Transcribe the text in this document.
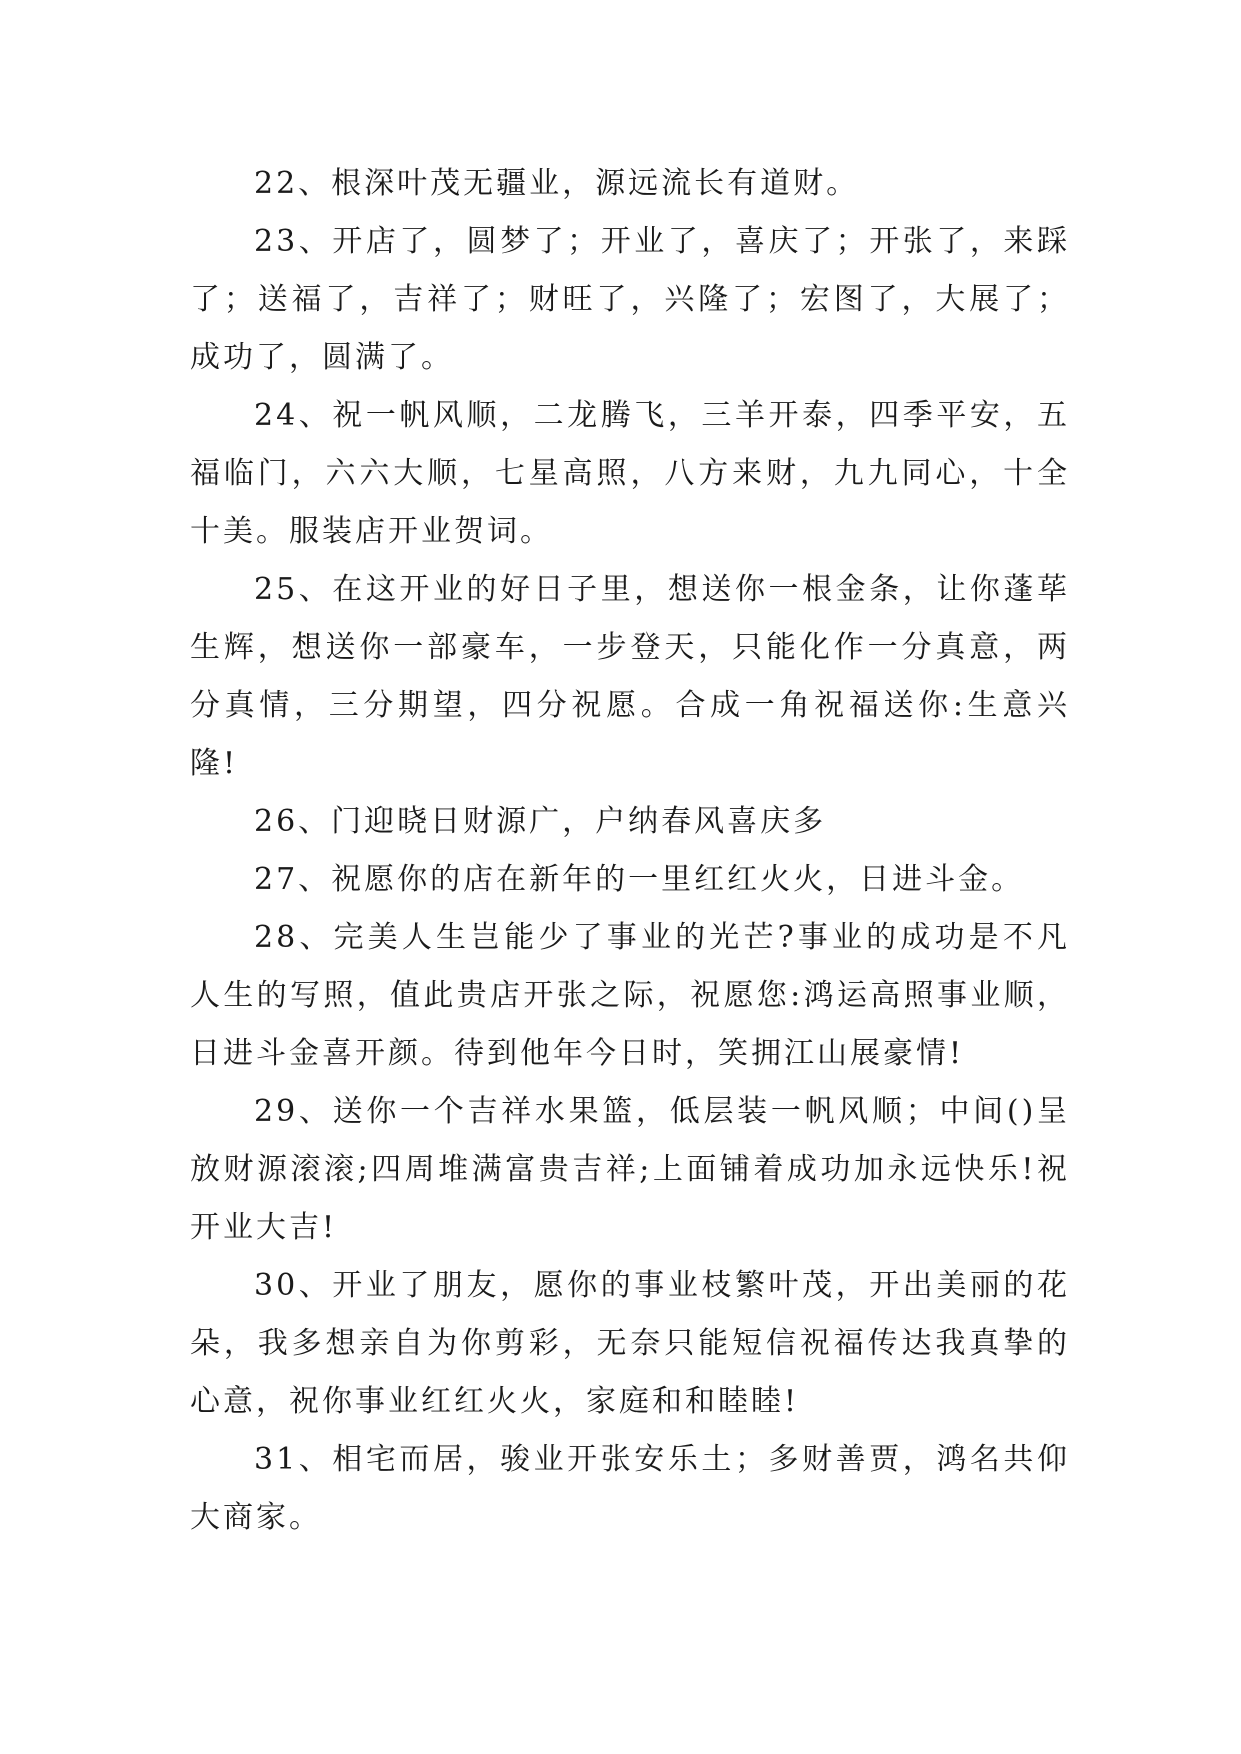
22、根深叶茂无疆业，源远流长有道财。

23、开店了，圆梦了；开业了，喜庆了；开张了，来踩了；送福了，吉祥了；财旺了，兴隆了；宏图了，大展了；成功了，圆满了。

24、祝一帆风顺，二龙腾飞，三羊开泰，四季平安，五福临门，六六大顺，七星高照，八方来财，九九同心，十全十美。服装店开业贺词。

25、在这开业的好日子里，想送你一根金条，让你蓬荜生辉，想送你一部豪车，一步登天，只能化作一分真意，两分真情，三分期望，四分祝愿。合成一角祝福送你:生意兴隆!

26、门迎晓日财源广，户纳春风喜庆多

27、祝愿你的店在新年的一里红红火火，日进斗金。

28、完美人生岂能少了事业的光芒?事业的成功是不凡人生的写照，值此贵店开张之际，祝愿您:鸿运高照事业顺，日进斗金喜开颜。待到他年今日时，笑拥江山展豪情!

29、送你一个吉祥水果篮，低层装一帆风顺；中间()呈放财源滚滚;四周堆满富贵吉祥;上面铺着成功加永远快乐!祝开业大吉!

30、开业了朋友，愿你的事业枝繁叶茂，开出美丽的花朵，我多想亲自为你剪彩，无奈只能短信祝福传达我真挚的心意，祝你事业红红火火，家庭和和睦睦!

31、相宅而居，骏业开张安乐土；多财善贾，鸿名共仰大商家。
